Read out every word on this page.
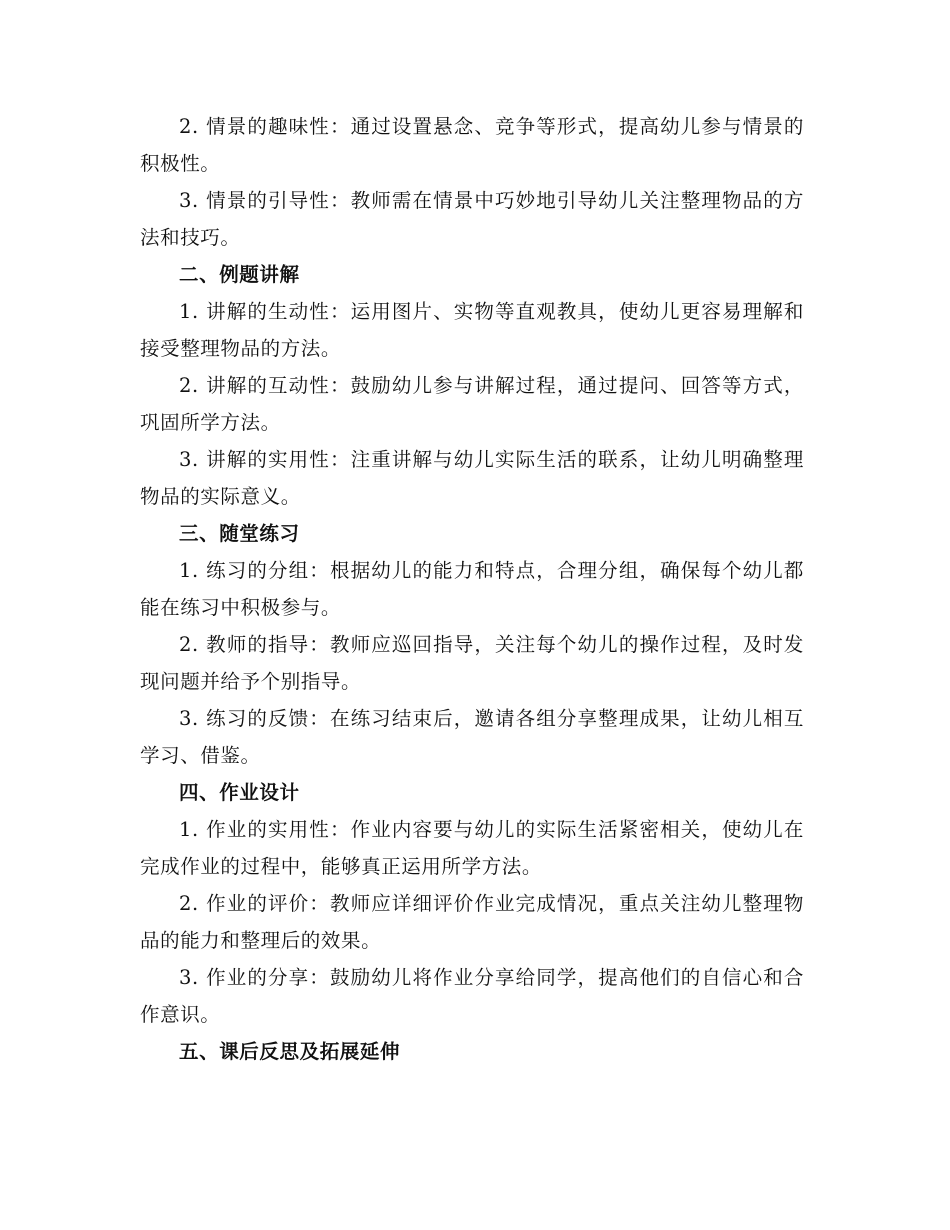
2. 情景的趣味性：通过设置悬念、竞争等形式，提高幼儿参与情景的积极性。

3. 情景的引导性：教师需在情景中巧妙地引导幼儿关注整理物品的方法和技巧。

二、例题讲解

1. 讲解的生动性：运用图片、实物等直观教具，使幼儿更容易理解和接受整理物品的方法。

2. 讲解的互动性：鼓励幼儿参与讲解过程，通过提问、回答等方式，巩固所学方法。

3. 讲解的实用性：注重讲解与幼儿实际生活的联系，让幼儿明确整理物品的实际意义。

三、随堂练习

1. 练习的分组：根据幼儿的能力和特点，合理分组，确保每个幼儿都能在练习中积极参与。

2. 教师的指导：教师应巡回指导，关注每个幼儿的操作过程，及时发现问题并给予个别指导。

3. 练习的反馈：在练习结束后，邀请各组分享整理成果，让幼儿相互学习、借鉴。

四、作业设计

1. 作业的实用性：作业内容要与幼儿的实际生活紧密相关，使幼儿在完成作业的过程中，能够真正运用所学方法。

2. 作业的评价：教师应详细评价作业完成情况，重点关注幼儿整理物品的能力和整理后的效果。

3. 作业的分享：鼓励幼儿将作业分享给同学，提高他们的自信心和合作意识。

五、课后反思及拓展延伸
